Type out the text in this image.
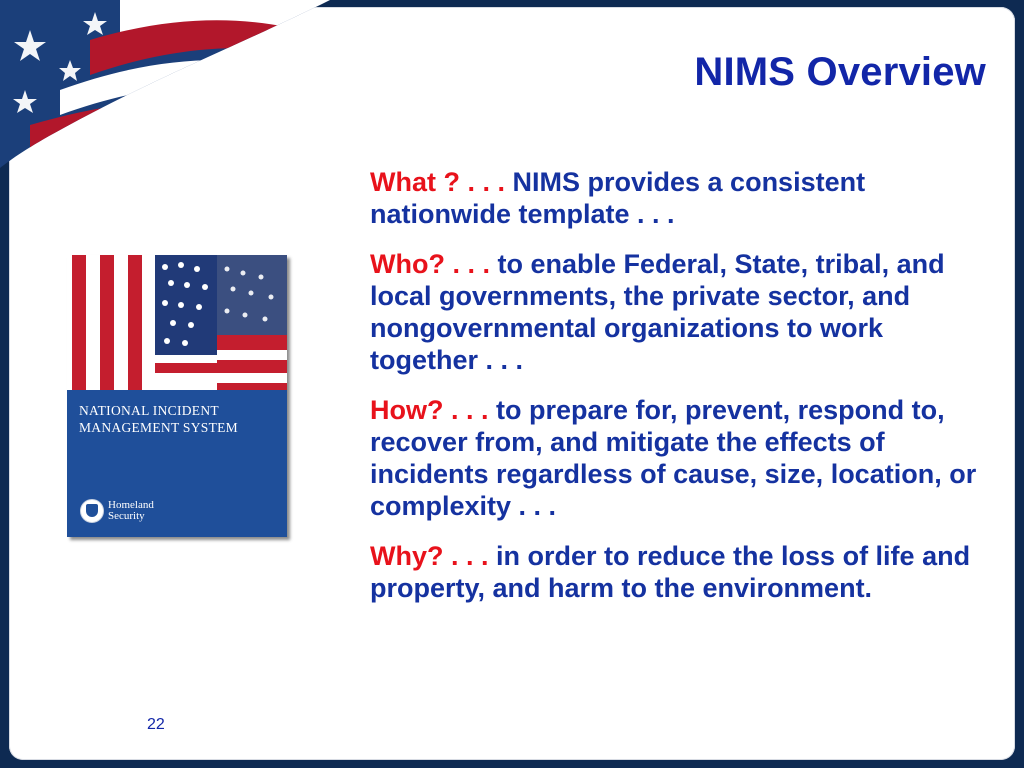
NIMS Overview

NATIONAL INCIDENT
MANAGEMENT SYSTEM

Homeland
Security

What ? . . . NIMS provides a consistent nationwide template . . .

Who? . . . to enable Federal, State, tribal, and local governments, the private sector, and nongovernmental organizations to work together . . .

How? . . . to prepare for, prevent, respond to, recover from, and mitigate the effects of incidents regardless of cause, size, location, or complexity . . .

Why? . . . in order to reduce the loss of life and property, and harm to the environment.

22
